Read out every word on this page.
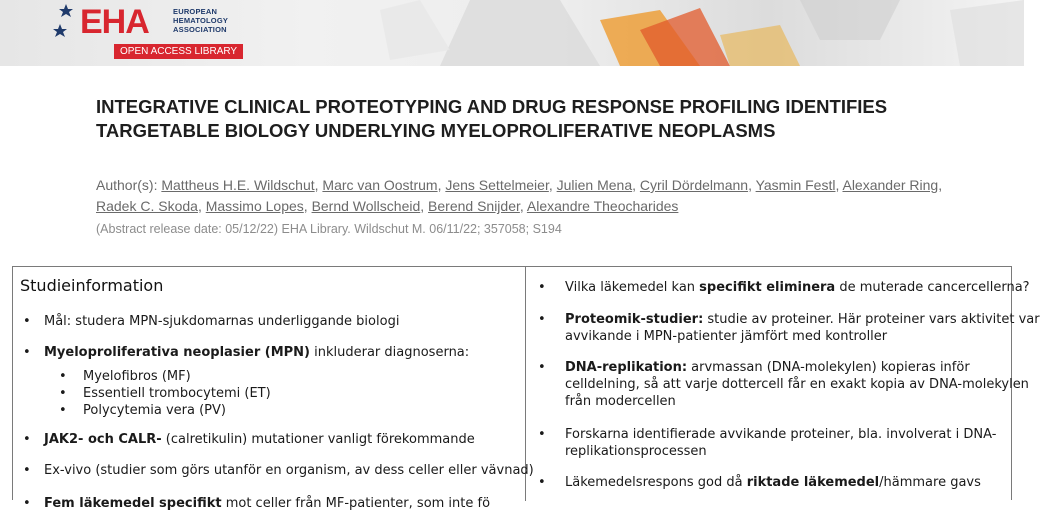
EHA	EUROPEAN
HEMATOLOGY
ASSOCIATION
OPEN ACCESS LIBRARY
INTEGRATIVE CLINICAL PROTEOTYPING AND DRUG RESPONSE PROFILING IDENTIFIES TARGETABLE BIOLOGY UNDERLYING MYELOPROLIFERATIVE NEOPLASMS
Author(s): Mattheus H.E. Wildschut, Marc van Oostrum, Jens Settelmeier, Julien Mena, Cyril Dördelmann, Yasmin Festl, Alexander Ring, Radek C. Skoda, Massimo Lopes, Bernd Wollscheid, Berend Snijder, Alexandre Theocharides
(Abstract release date: 05/12/22) EHA Library. Wildschut M. 06/11/22; 357058; S194
Studieinformation
• Mål: studera MPN-sjukdomarnas underliggande biologi
• Myeloproliferativa neoplasier (MPN) inkluderar diagnoserna:
• Myelofibros (MF)
• Essentiell trombocytemi (ET)
• Polycytemia vera (PV)
• JAK2- och CALR- (calretikulin) mutationer vanligt förekommande
• Ex-vivo (studier som görs utanför en organism, av dess celler eller vävnad)
• Fem läkemedel specifikt mot celler från MF-patienter, som inte fö
• Vilka läkemedel kan specifikt eliminera de muterade cancercellerna?
• Proteomik-studier: studie av proteiner. Här proteiner vars aktivitet var
avvikande i MPN-patienter jämfört med kontroller
• DNA-replikation: arvmassan (DNA-molekylen) kopieras inför
celldelning, så att varje dottercell får en exakt kopia av DNA-molekylen
från modercellen
• Forskarna identifierade avvikande proteiner, bla. involverat i DNA-
replikationsprocessen
• Läkemedelsrespons god då riktade läkemedel/hämmare gavs
